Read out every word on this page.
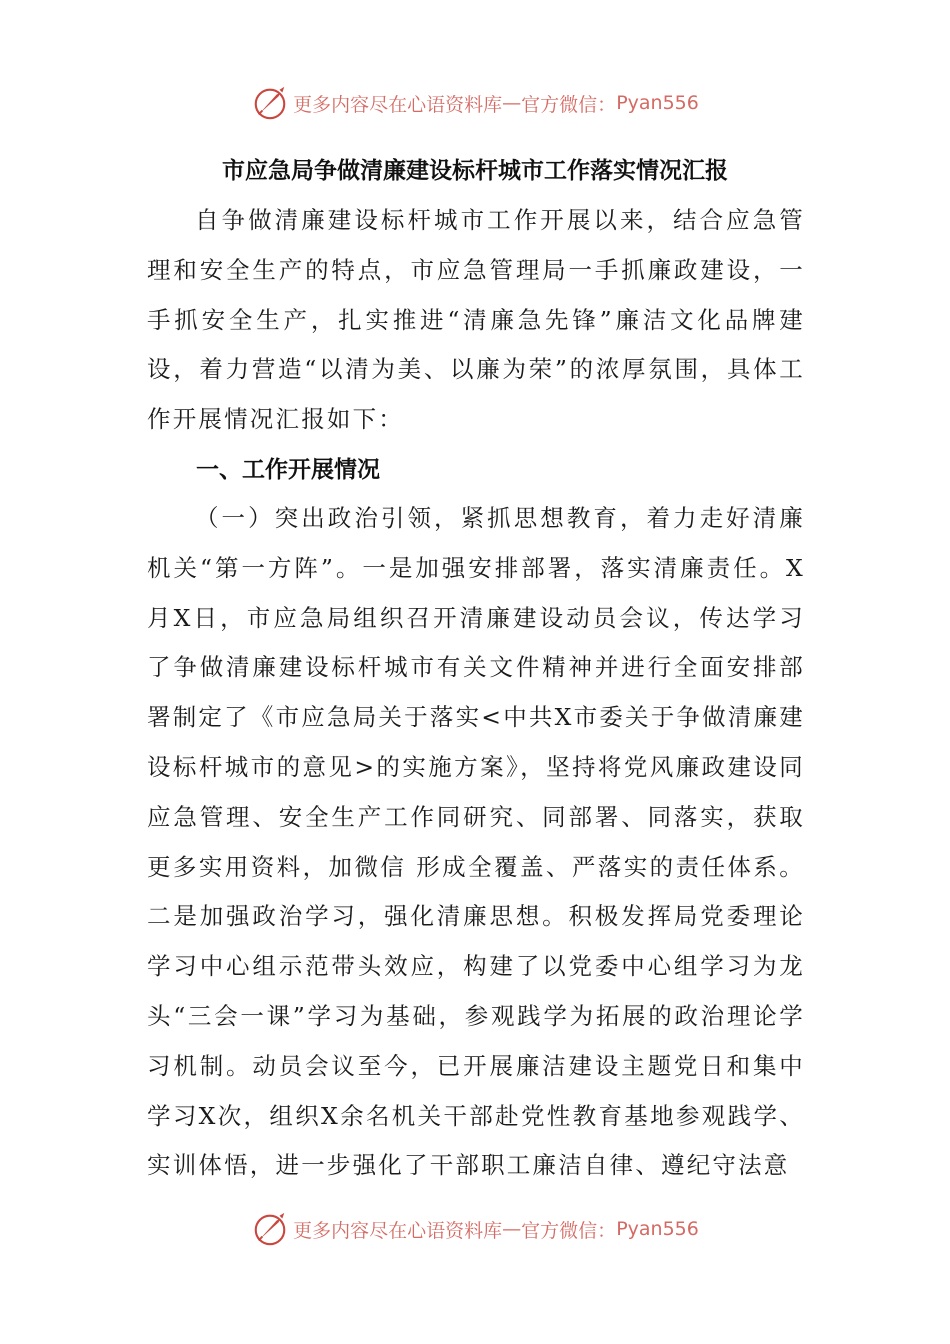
更多内容尽在心语资料库 — 官方微信： Pyan556
市应急局争做清廉建设标杆城市工作落实情况汇报
自争做清廉建设标杆城市工作开展以来，结合应急管理和安全生产的特点，市应急管理局一手抓廉政建设，一手抓安全生产，扎实推进“清廉急先锋”廉洁文化品牌建设，着力营造“以清为美、以廉为荣”的浓厚氛围，具体工作开展情况汇报如下：
一、工作开展情况
（一）突出政治引领，紧抓思想教育，着力走好清廉机关“第一方阵”。一是加强安排部署，落实清廉责任。X月X日，市应急局组织召开清廉建设动员会议，传达学习了争做清廉建设标杆城市有关文件精神并进行全面安排部署制定了《市应急局关于落实<中共X市委关于争做清廉建设标杆城市的意见>的实施方案》，坚持将党风廉政建设同应急管理、安全生产工作同研究、同部署、同落实，获取更多实用资料，加微信 形成全覆盖、严落实的责任体系。二是加强政治学习，强化清廉思想。积极发挥局党委理论学习中心组示范带头效应，构建了以党委中心组学习为龙头“三会一课”学习为基础，参观践学为拓展的政治理论学习机制。动员会议至今，已开展廉洁建设主题党日和集中学习X次，组织X余名机关干部赴党性教育基地参观践学、实训体悟，进一步强化了干部职工廉洁自律、遵纪守法意
更多内容尽在心语资料库 — 官方微信： Pyan556
